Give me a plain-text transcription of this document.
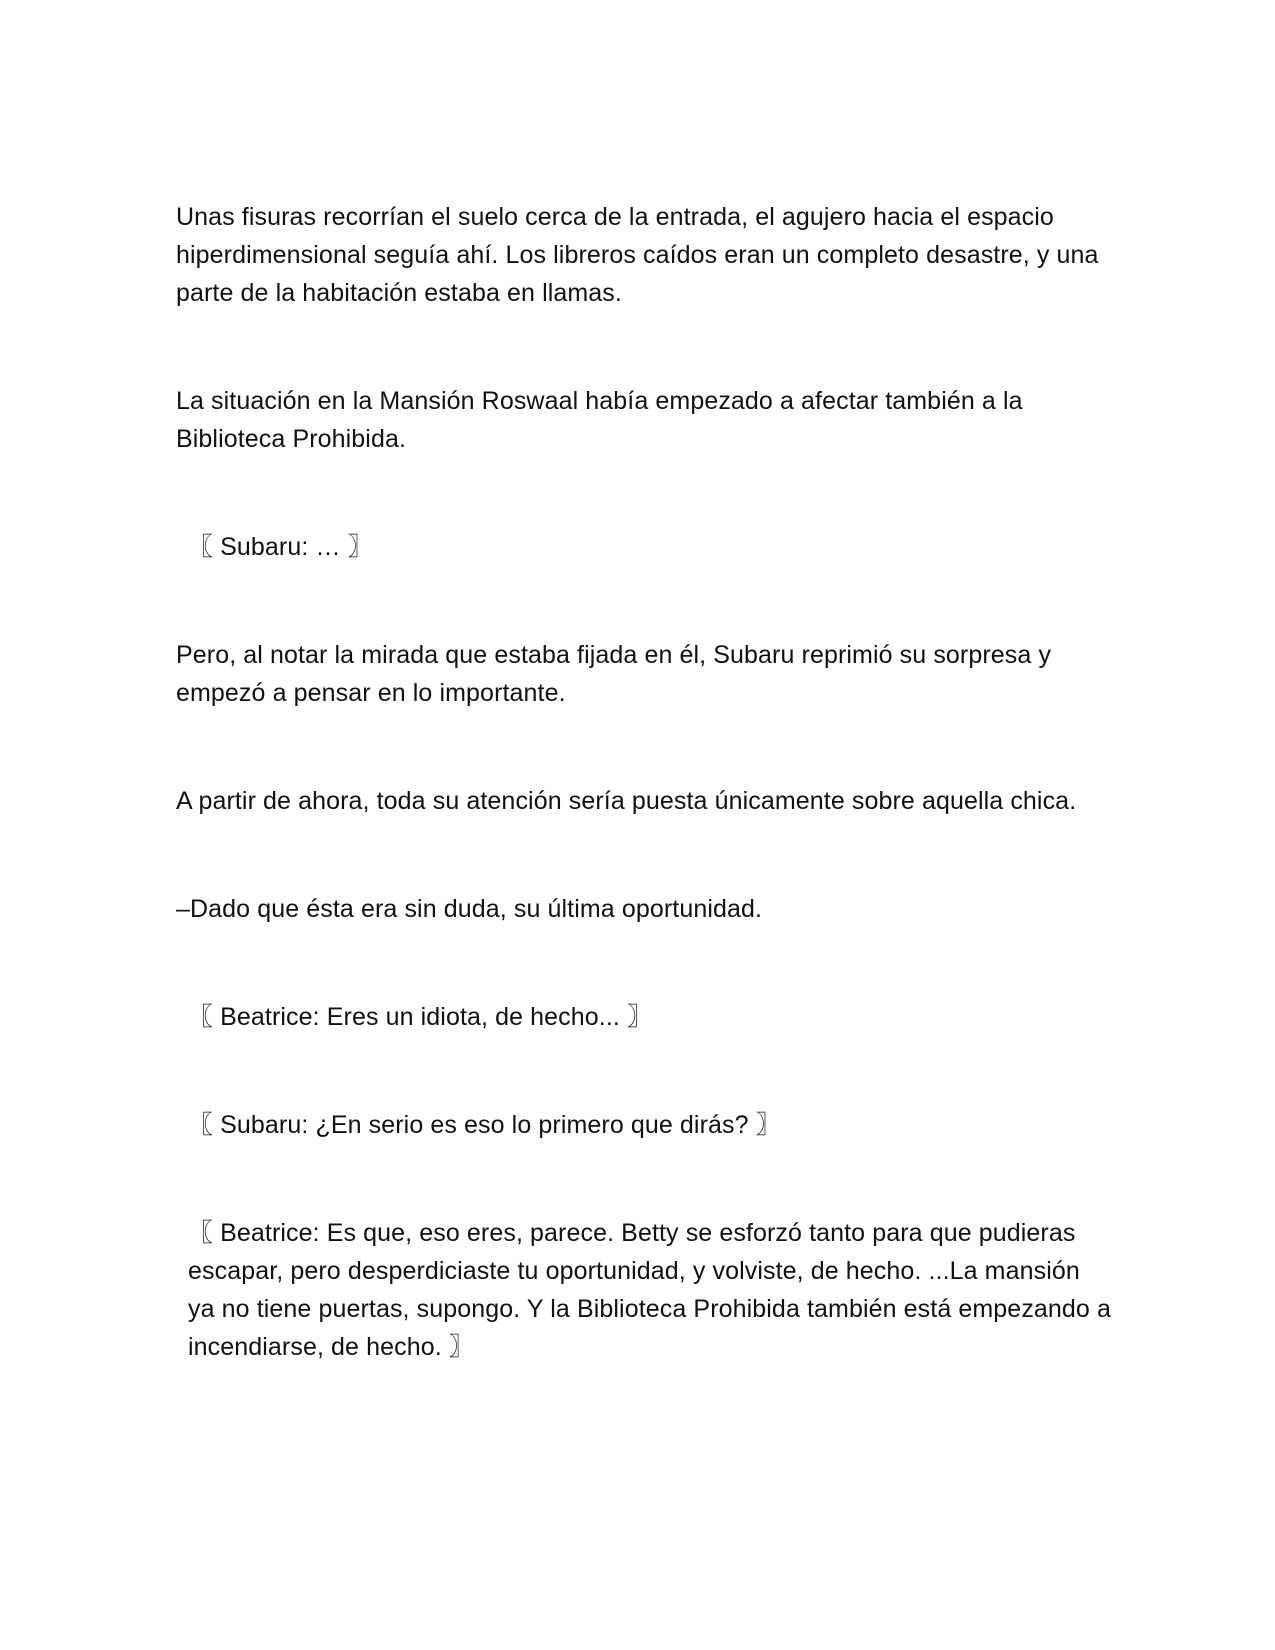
Unas fisuras recorrían el suelo cerca de la entrada, el agujero hacia el espacio hiperdimensional seguía ahí. Los libreros caídos eran un completo desastre, y una parte de la habitación estaba en llamas.

La situación en la Mansión Roswaal había empezado a afectar también a la Biblioteca Prohibida.

〖 Subaru: … 〗

Pero, al notar la mirada que estaba fijada en él, Subaru reprimió su sorpresa y empezó a pensar en lo importante.

A partir de ahora, toda su atención sería puesta únicamente sobre aquella chica.

–Dado que ésta era sin duda, su última oportunidad.

〖 Beatrice: Eres un idiota, de hecho... 〗

〖 Subaru: ¿En serio es eso lo primero que dirás? 〗

〖 Beatrice: Es que, eso eres, parece. Betty se esforzó tanto para que pudieras escapar, pero desperdiciaste tu oportunidad, y volviste, de hecho. ...La mansión ya no tiene puertas, supongo. Y la Biblioteca Prohibida también está empezando a incendiarse, de hecho. 〗
